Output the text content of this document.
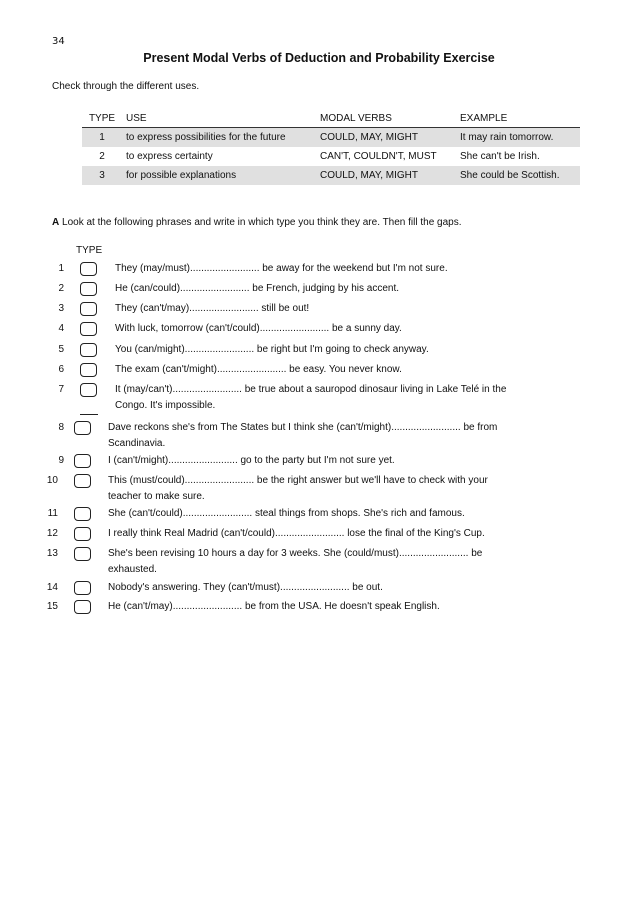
34
Present Modal Verbs of Deduction and Probability Exercise
Check through the different uses.
TYPE	USE	MODAL VERBS	EXAMPLE
1	to express possibilities for the future	COULD, MAY, MIGHT	It may rain tomorrow.
2	to express certainty	CAN'T, COULDN'T, MUST	She can't be Irish.
3	for possible explanations	COULD, MAY, MIGHT	She could be Scottish.
A Look at the following phrases and write in which type you think they are. Then fill the gaps.
TYPE
1	They (may/must)......................... be away for the weekend but I'm not sure.
2	He (can/could)......................... be French, judging by his accent.
3	They (can't/may)......................... still be out!
4	With luck, tomorrow (can't/could)......................... be a sunny day.
5	You (can/might)......................... be right but I'm going to check anyway.
6	The exam (can't/might)......................... be easy. You never know.
7	It (may/can't)......................... be true about a sauropod dinosaur living in Lake Telé in the
Congo. It's impossible.
8	Dave reckons she's from The States but I think she (can't/might)......................... be from
Scandinavia.
9	I (can't/might)......................... go to the party but I'm not sure yet.
10	This (must/could)......................... be the right answer but we'll have to check with your
teacher to make sure.
11	She (can't/could)......................... steal things from shops. She's rich and famous.
12	I really think Real Madrid (can't/could)......................... lose the final of the King's Cup.
13	She's been revising 10 hours a day for 3 weeks. She (could/must)......................... be
exhausted.
14	Nobody's answering. They (can't/must)......................... be out.
15	He (can't/may)......................... be from the USA. He doesn't speak English.
